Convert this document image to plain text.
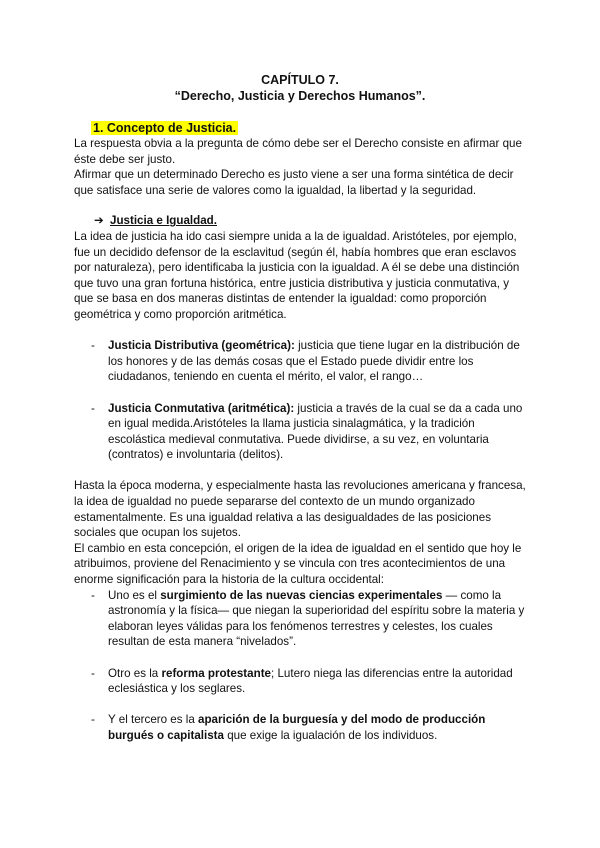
CAPÍTULO 7.
“Derecho, Justicia y Derechos Humanos”.
1. Concepto de Justicia.

La respuesta obvia a la pregunta de cómo debe ser el Derecho consiste en afirmar que éste debe ser justo.

Afirmar que un determinado Derecho es justo viene a ser una forma sintética de decir que satisface una serie de valores como la igualdad, la libertad y la seguridad.

➔ Justicia e Igualdad.

La idea de justicia ha ido casi siempre unida a la de igualdad. Aristóteles, por ejemplo, fue un decidido defensor de la esclavitud (según él, había hombres que eran esclavos por naturaleza), pero identificaba la justicia con la igualdad. A él se debe una distinción que tuvo una gran fortuna histórica, entre justicia distributiva y justicia conmutativa, y que se basa en dos maneras distintas de entender la igualdad: como proporción geométrica y como proporción aritmética.

- Justicia Distributiva (geométrica): justicia que tiene lugar en la distribución de los honores y de las demás cosas que el Estado puede dividir entre los ciudadanos, teniendo en cuenta el mérito, el valor, el rango…
- Justicia Conmutativa (aritmética): justicia a través de la cual se da a cada uno en igual medida.Aristóteles la llama justicia sinalagmática, y la tradición escolástica medieval conmutativa. Puede dividirse, a su vez, en voluntaria (contratos) e involuntaria (delitos).

Hasta la época moderna, y especialmente hasta las revoluciones americana y francesa, la idea de igualdad no puede separarse del contexto de un mundo organizado estamentalmente. Es una igualdad relativa a las desigualdades de las posiciones sociales que ocupan los sujetos.

El cambio en esta concepción, el origen de la idea de igualdad en el sentido que hoy le atribuimos, proviene del Renacimiento y se vincula con tres acontecimientos de una enorme significación para la historia de la cultura occidental:

- Uno es el surgimiento de las nuevas ciencias experimentales — como la astronomía y la física— que niegan la superioridad del espíritu sobre la materia y elaboran leyes válidas para los fenómenos terrestres y celestes, los cuales resultan de esta manera “nivelados”.
- Otro es la reforma protestante; Lutero niega las diferencias entre la autoridad eclesiástica y los seglares.
- Y el tercero es la aparición de la burguesía y del modo de producción burgués o capitalista que exige la igualación de los individuos.
